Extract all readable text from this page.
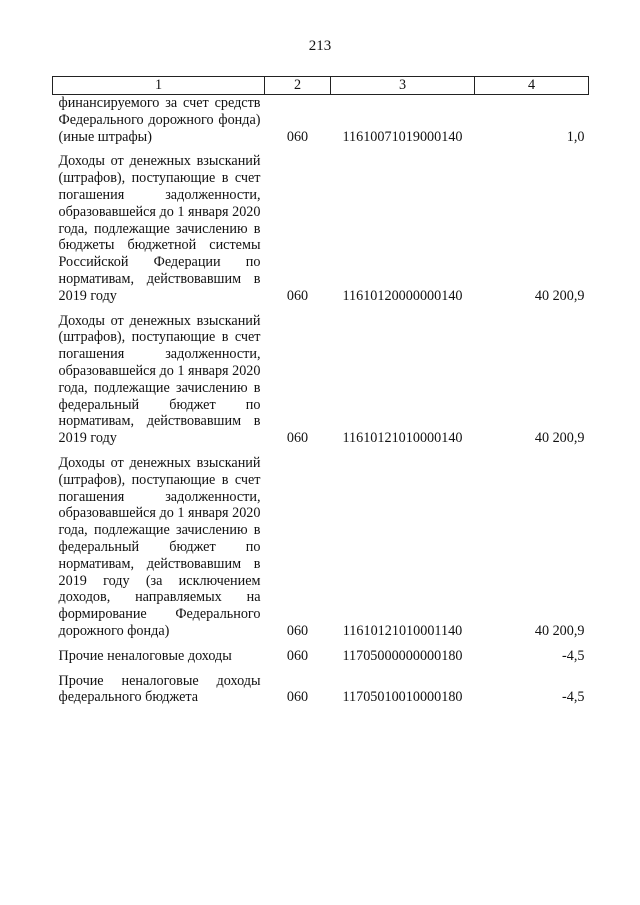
213
1	2	3	4
финансируемого за счет средств Федерального дорожного фонда) (иные штрафы)	060	11610071019000140	1,0

Доходы от денежных взысканий (штрафов), поступающие в счет погашения задолженности, образовавшейся до 1 января 2020 года, подлежащие зачислению в бюджеты бюджетной системы Российской Федерации по нормативам, действовавшим в 2019 году	060	11610120000000140	40 200,9

Доходы от денежных взысканий (штрафов), поступающие в счет погашения задолженности, образовавшейся до 1 января 2020 года, подлежащие зачислению в федеральный бюджет по нормативам, действовавшим в 2019 году	060	11610121010000140	40 200,9

Доходы от денежных взысканий (штрафов), поступающие в счет погашения задолженности, образовавшейся до 1 января 2020 года, подлежащие зачислению в федеральный бюджет по нормативам, действовавшим в 2019 году (за исключением доходов, направляемых на формирование Федерального дорожного фонда)	060	11610121010001140	40 200,9

Прочие неналоговые доходы	060	11705000000000180	-4,5

Прочие неналоговые доходы федерального бюджета	060	11705010010000180	-4,5
